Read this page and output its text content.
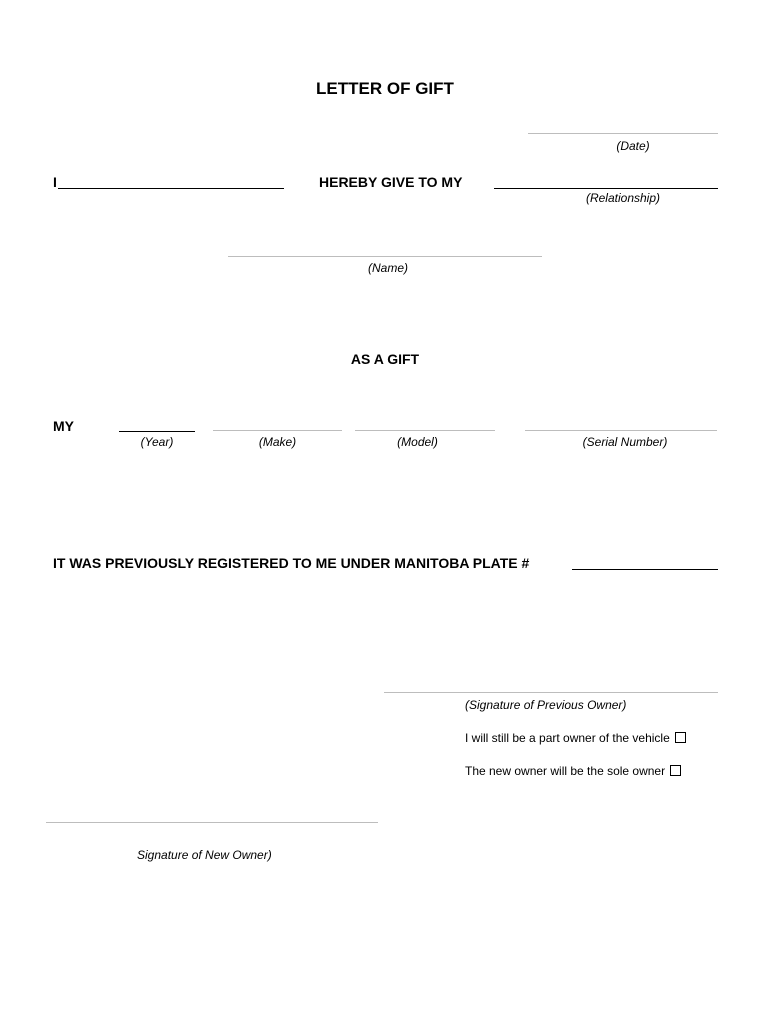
LETTER OF GIFT
(Date)
I	HEREBY GIVE TO MY
(Relationship)
(Name)
AS A GIFT
MY
(Year)	(Make)	(Model)	(Serial Number)
IT WAS PREVIOUSLY REGISTERED TO ME UNDER MANITOBA PLATE #
(Signature of Previous Owner)
I will still be a part owner of the vehicle
The new owner will be the sole owner
Signature of New Owner)
